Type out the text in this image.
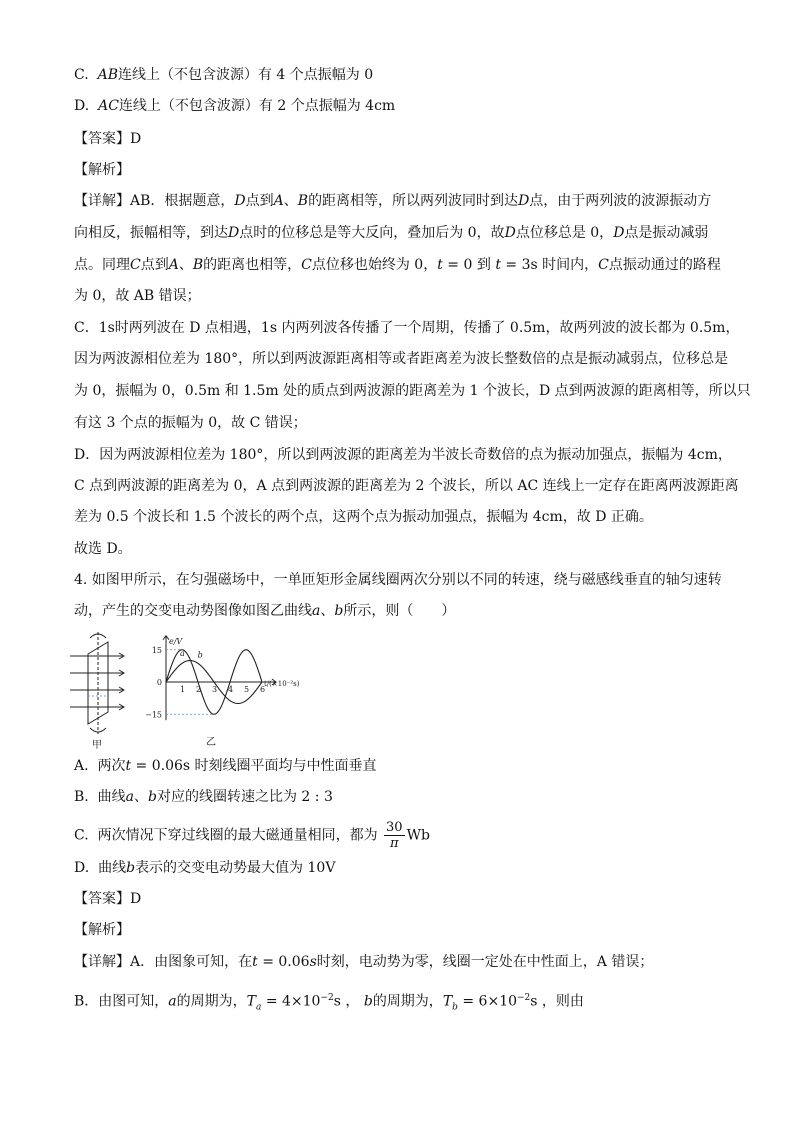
C. AB连线上（不包含波源）有 4 个点振幅为 0
D. AC连线上（不包含波源）有 2 个点振幅为 4cm
【答案】D
【解析】
【详解】AB．根据题意，D点到A、B的距离相等，所以两列波同时到达D点，由于两列波的波源振动方
向相反，振幅相等，到达D点时的位移总是等大反向，叠加后为 0，故D点位移总是 0，D点是振动减弱
点。同理C点到A、B的距离也相等，C点位移也始终为 0，t = 0 到 t = 3s 时间内，C点振动通过的路程
为 0，故 AB 错误；
C．1s时两列波在 D 点相遇，1s 内两列波各传播了一个周期，传播了 0.5m，故两列波的波长都为 0.5m，
因为两波源相位差为 180°，所以到两波源距离相等或者距离差为波长整数倍的点是振动减弱点，位移总是
为 0，振幅为 0，0.5m 和 1.5m 处的质点到两波源的距离差为 1 个波长，D 点到两波源的距离相等，所以只
有这 3 个点的振幅为 0，故 C 错误；
D．因为两波源相位差为 180°，所以到两波源的距离差为半波长奇数倍的点为振动加强点，振幅为 4cm，
C 点到两波源的距离差为 0，A 点到两波源的距离差为 2 个波长，所以 AC 连线上一定存在距离两波源距离
差为 0.5 个波长和 1.5 个波长的两个点，这两个点为振动加强点，振幅为 4cm，故 D 正确。
故选 D。
4. 如图甲所示，在匀强磁场中，一单匝矩形金属线圈两次分别以不同的转速，绕与磁感线垂直的轴匀速转
动，产生的交变电动势图像如图乙曲线a、b所示，则（　　）
甲
e/V
t/(×10⁻²s)
a b
1 2 3 4 5 6
15
0
−15
乙
A. 两次t = 0.06s 时刻线圈平面均与中性面垂直
B. 曲线a、b对应的线圈转速之比为 2 : 3
C. 两次情况下穿过线圈的最大磁通量相同，都为 $\frac{30}{\pi}$ Wb
D. 曲线b表示的交变电动势最大值为 10V
【答案】D
【解析】
【详解】A．由图象可知，在t = 0.06s时刻，电动势为零，线圈一定处在中性面上，A 错误；
B．由图可知，a的周期为，$T_a = 4\times 10^{-2}s$ ， b的周期为，$T_b = 6\times 10^{-2}s$ ，则由
